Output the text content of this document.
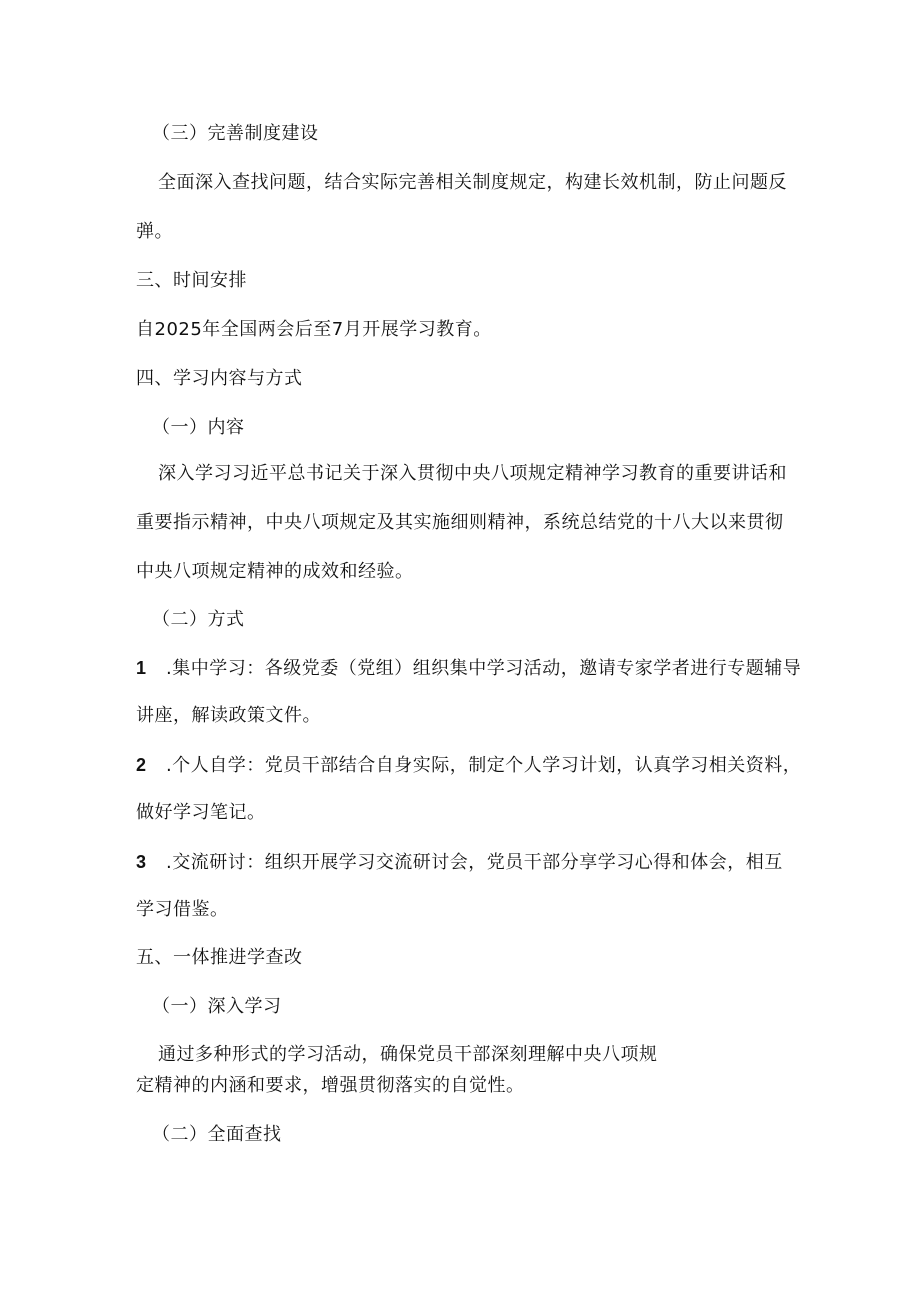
（三）完善制度建设
全面深入查找问题，结合实际完善相关制度规定，构建长效机制，防止问题反
弹。
三、时间安排
自2025年全国两会后至7月开展学习教育。
四、学习内容与方式
（一）内容
深入学习习近平总书记关于深入贯彻中央八项规定精神学习教育的重要讲话和
重要指示精神，中央八项规定及其实施细则精神，系统总结党的十八大以来贯彻
中央八项规定精神的成效和经验。
（二）方式
1 .集中学习：各级党委（党组）组织集中学习活动，邀请专家学者进行专题辅导
讲座，解读政策文件。
2 .个人自学：党员干部结合自身实际，制定个人学习计划，认真学习相关资料，
做好学习笔记。
3 .交流研讨：组织开展学习交流研讨会，党员干部分享学习心得和体会，相互
学习借鉴。
五、一体推进学查改
（一）深入学习
通过多种形式的学习活动，确保党员干部深刻理解中央八项规
定精神的内涵和要求，增强贯彻落实的自觉性。
（二）全面查找
